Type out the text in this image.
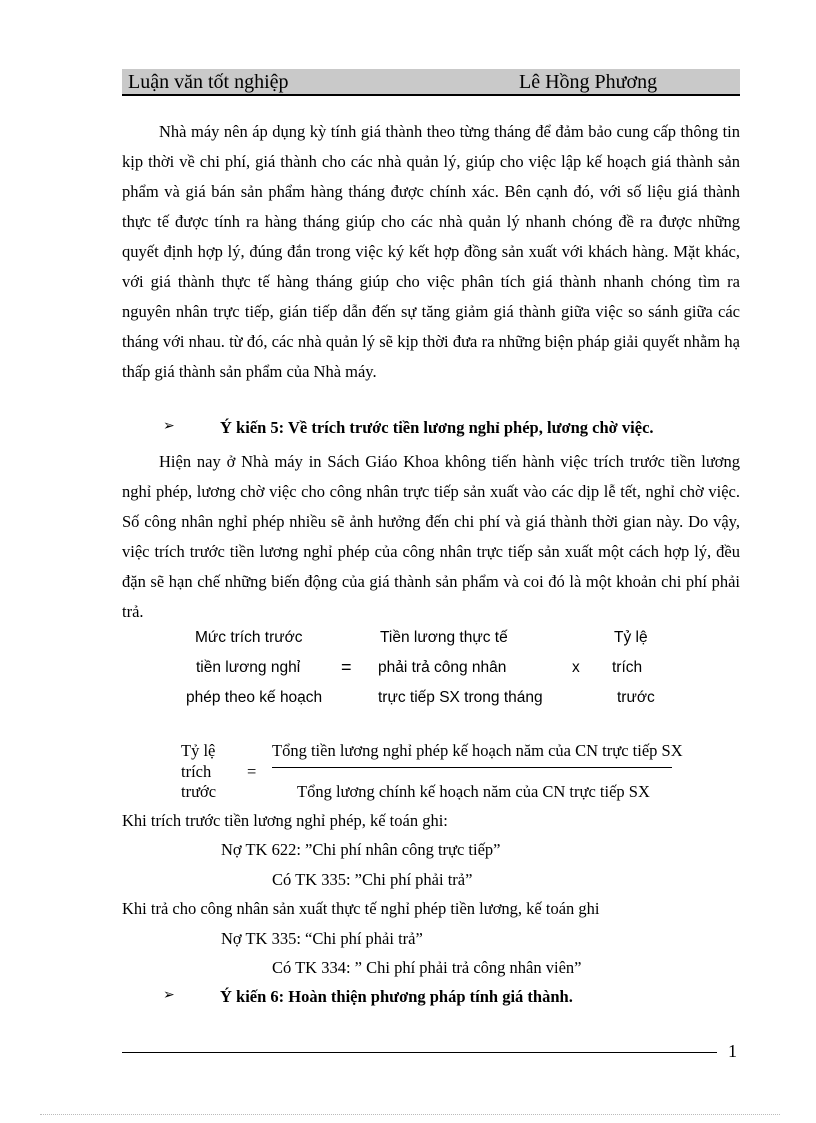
Luận văn tốt nghiệp	Lê Hồng Phương
Nhà máy nên áp dụng kỳ tính giá thành theo từng tháng để đảm bảo cung cấp thông tin kịp thời về chi phí, giá thành cho các nhà quản lý, giúp cho việc lập kế hoạch giá thành sản phẩm và giá bán sản phẩm hàng tháng được chính xác. Bên cạnh đó, với số liệu giá thành thực tế được tính ra hàng tháng giúp cho các nhà quản lý nhanh chóng đề ra được những quyết định hợp lý, đúng đắn trong việc ký kết hợp đồng sản xuất với khách hàng. Mặt khác, với giá thành thực tế hàng tháng giúp cho việc phân tích giá thành nhanh chóng tìm ra nguyên nhân trực tiếp, gián tiếp dẫn đến sự tăng giảm giá thành giữa việc so sánh giữa các tháng với nhau. từ đó, các nhà quản lý sẽ kịp thời đưa ra những biện pháp giải quyết nhằm hạ thấp giá thành sản phẩm của Nhà máy.
➢	Ý kiến 5: Về trích trước tiền lương nghỉ phép, lương chờ việc.
Hiện nay ở Nhà máy in Sách Giáo Khoa không tiến hành việc trích trước tiền lương nghỉ phép, lương chờ việc cho công nhân trực tiếp sản xuất vào các dịp lễ tết, nghỉ chờ việc. Số công nhân nghỉ phép nhiều sẽ ảnh hưởng đến chi phí và giá thành thời gian này. Do vậy, việc trích trước tiền lương nghỉ phép của công nhân trực tiếp sản xuất một cách hợp lý, đều đặn sẽ hạn chế những biến động của giá thành sản phẩm và coi đó là một khoản chi phí phải trả.
Mức trích trước
tiền lương nghỉ
phép theo kế hoạch
=
Tiền lương thực tế
phải trả công nhân
trực tiếp SX trong tháng
x
Tỷ lệ
trích
trước
Tỷ lệ
trích
trước
=
Tổng tiền lương nghỉ phép kế hoạch năm của CN trực tiếp SX
Tổng lương chính kế hoạch năm của CN trực tiếp SX
Khi trích trước tiền lương nghỉ phép, kế toán ghi:
Nợ TK 622: ”Chi phí nhân công trực tiếp”
Có TK 335: ”Chi phí phải trả”
Khi trả cho công nhân sản xuất thực tế nghỉ phép tiền lương, kế toán ghi
Nợ TK 335: “Chi phí phải trả”
Có TK 334: ” Chi phí phải trả công nhân viên”
➢	Ý kiến 6: Hoàn thiện phương pháp tính giá thành.
1
